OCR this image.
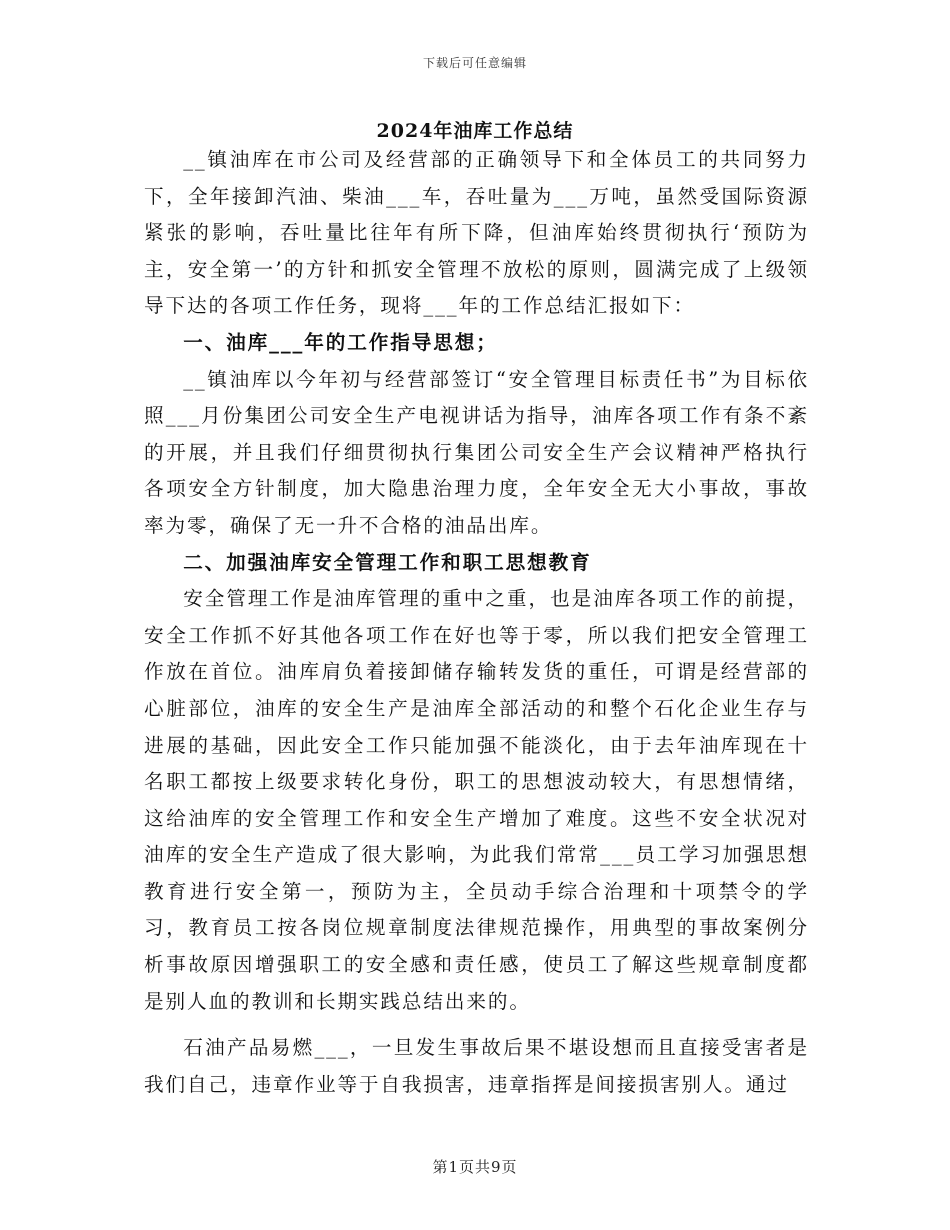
下载后可任意编辑
2024年油库工作总结

__镇油库在市公司及经营部的正确领导下和全体员工的共同努力下，全年接卸汽油、柴油___车，吞吐量为___万吨，虽然受国际资源紧张的影响，吞吐量比往年有所下降，但油库始终贯彻执行‘预防为主，安全第一’的方针和抓安全管理不放松的原则，圆满完成了上级领导下达的各项工作任务，现将___年的工作总结汇报如下：

一、油库___年的工作指导思想；

__镇油库以今年初与经营部签订“安全管理目标责任书”为目标依照___月份集团公司安全生产电视讲话为指导，油库各项工作有条不紊的开展，并且我们仔细贯彻执行集团公司安全生产会议精神严格执行各项安全方针制度，加大隐患治理力度，全年安全无大小事故，事故率为零，确保了无一升不合格的油品出库。

二、加强油库安全管理工作和职工思想教育

安全管理工作是油库管理的重中之重，也是油库各项工作的前提，安全工作抓不好其他各项工作在好也等于零，所以我们把安全管理工作放在首位。油库肩负着接卸储存输转发货的重任，可谓是经营部的心脏部位，油库的安全生产是油库全部活动的和整个石化企业生存与进展的基础，因此安全工作只能加强不能淡化，由于去年油库现在十名职工都按上级要求转化身份，职工的思想波动较大，有思想情绪，这给油库的安全管理工作和安全生产增加了难度。这些不安全状况对油库的安全生产造成了很大影响，为此我们常常___员工学习加强思想教育进行安全第一，预防为主，全员动手综合治理和十项禁令的学习，教育员工按各岗位规章制度法律规范操作，用典型的事故案例分析事故原因增强职工的安全感和责任感，使员工了解这些规章制度都是别人血的教训和长期实践总结出来的。

石油产品易燃___，一旦发生事故后果不堪设想而且直接受害者是我们自己，违章作业等于自我损害，违章指挥是间接损害别人。通过

第1页共9页
